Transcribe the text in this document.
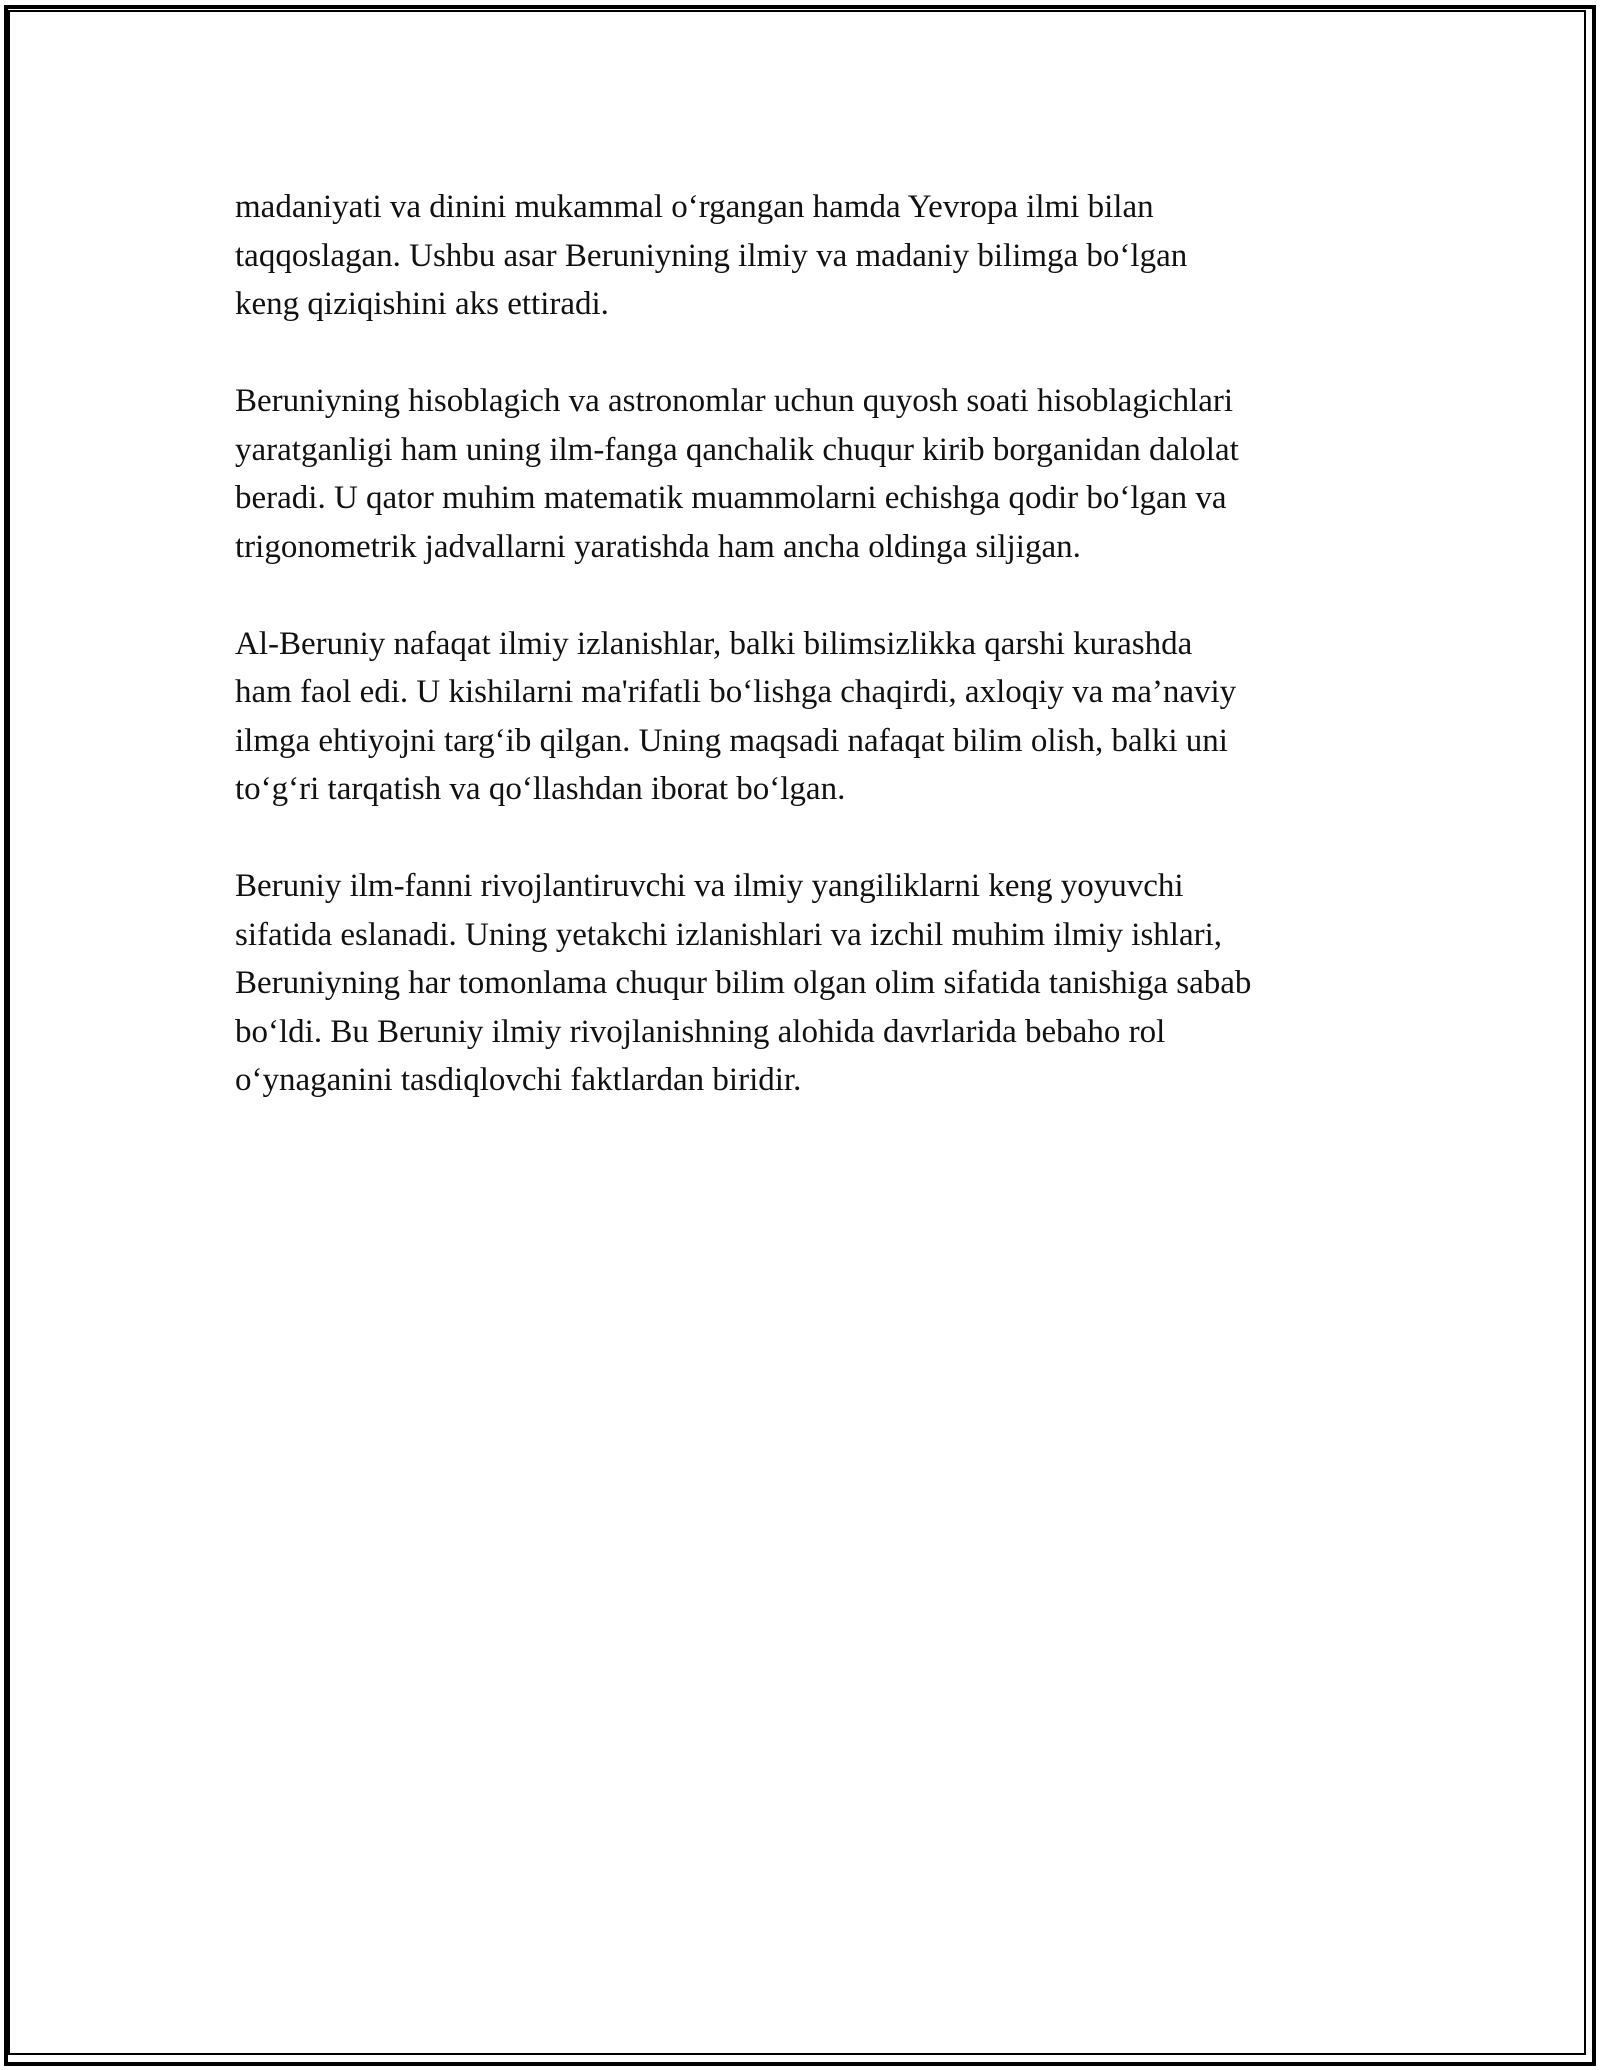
madaniyati va dinini mukammal o‘rgangan hamda Yevropa ilmi bilan
taqqoslagan. Ushbu asar Beruniyning ilmiy va madaniy bilimga bo‘lgan
keng qiziqishini aks ettiradi.

Beruniyning hisoblagich va astronomlar uchun quyosh soati hisoblagichlari
yaratganligi ham uning ilm-fanga qanchalik chuqur kirib borganidan dalolat
beradi. U qator muhim matematik muammolarni echishga qodir bo‘lgan va
trigonometrik jadvallarni yaratishda ham ancha oldinga siljigan.

Al-Beruniy nafaqat ilmiy izlanishlar, balki bilimsizlikka qarshi kurashda
ham faol edi. U kishilarni ma'rifatli bo‘lishga chaqirdi, axloqiy va ma’naviy
ilmga ehtiyojni targ‘ib qilgan. Uning maqsadi nafaqat bilim olish, balki uni
to‘g‘ri tarqatish va qo‘llashdan iborat bo‘lgan.

Beruniy ilm-fanni rivojlantiruvchi va ilmiy yangiliklarni keng yoyuvchi
sifatida eslanadi. Uning yetakchi izlanishlari va izchil muhim ilmiy ishlari,
Beruniyning har tomonlama chuqur bilim olgan olim sifatida tanishiga sabab
bo‘ldi. Bu Beruniy ilmiy rivojlanishning alohida davrlarida bebaho rol
o‘ynaganini tasdiqlovchi faktlardan biridir.
